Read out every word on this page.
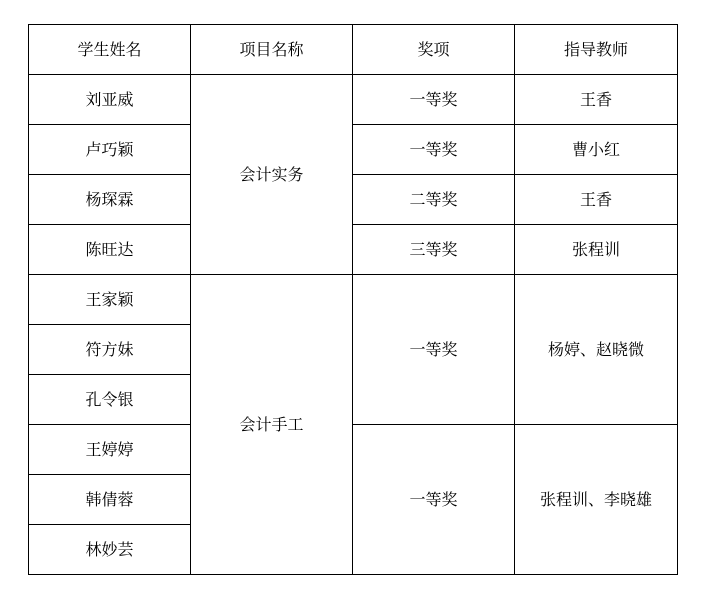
学生姓名	项目名称	奖项	指导教师
刘亚威	会计实务	一等奖	王香
卢巧颖		一等奖	曹小红
杨琛霖		二等奖	王香
陈旺达		三等奖	张程训
王家颖	会计手工	一等奖	杨婷、赵晓微
符方妹			
孔令银			
王婷婷		一等奖	张程训、李晓雄
韩倩蓉			
林妙芸			
